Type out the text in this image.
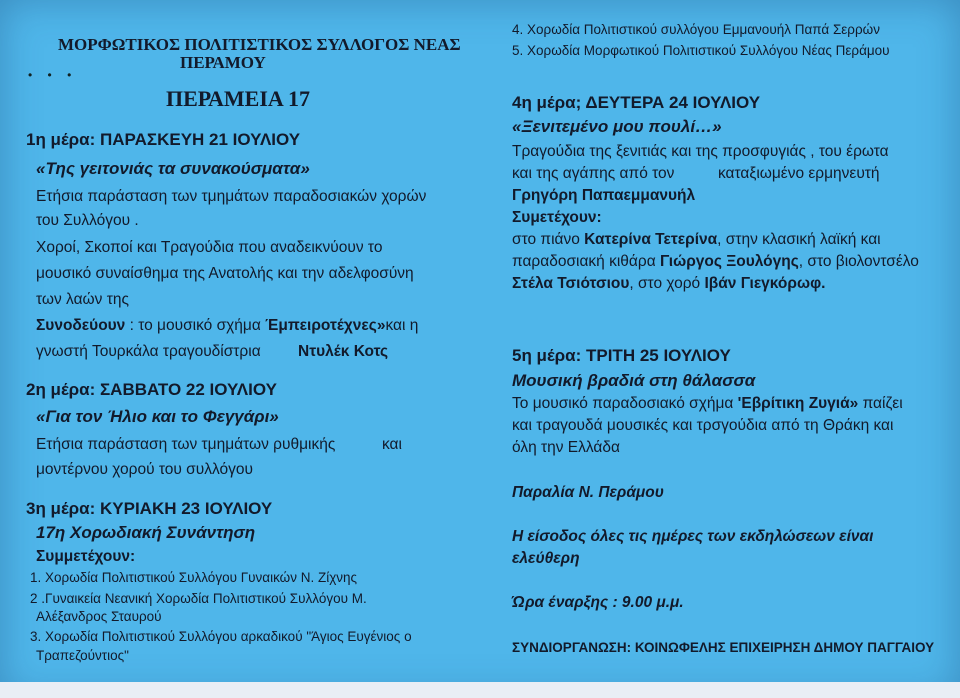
• • •
ΜΟΡΦΩΤΙΚΟΣ ΠΟΛΙΤΙΣΤΙΚΟΣ ΣΥΛΛΟΓΟΣ ΝΕΑΣ
ΠΕΡΑΜΟΥ
ΠΕΡΑΜΕΙΑ 17
1η μέρα: ΠΑΡΑΣΚΕΥΗ 21 ΙΟΥΛΙΟΥ
«Της γειτονιάς τα συνακούσματα»
Ετήσια παράσταση των τμημάτων παραδοσιακών χορών
του Συλλόγου .
Χοροί, Σκοποί και Τραγούδια που αναδεικνύουν το
μουσικό συναίσθημα της Ανατολής και την αδελφοσύνη
των λαών της
Συνοδεύουν : το μουσικό σχήμα Έμπειροτέχνες»και η
γνωστή Τουρκάλα τραγουδίστρια Ντυλέκ Κοτς
2η μέρα: ΣΑΒΒΑΤΟ 22 ΙΟΥΛΙΟΥ
«Για τον Ήλιο και το Φεγγάρι»
Ετήσια παράσταση των τμημάτων ρυθμικής	και
μοντέρνου χορού του συλλόγου
3η μέρα: ΚΥΡΙΑΚΗ 23 ΙΟΥΛΙΟΥ
17η Χορωδιακή Συνάντηση
Συμμετέχουν:
1. Χορωδία Πολιτιστικού Συλλόγου Γυναικών Ν. Ζίχνης
2 .Γυναικεία Νεανική Χορωδία Πολιτιστικού Συλλόγου Μ.
Αλέξανδρος Σταυρού
3. Χορωδία Πολιτιστικού Συλλόγου αρκαδικού "Άγιος Ευγένιος ο
Τραπεζούντιος"
4. Χορωδία Πολιτιστικού συλλόγου Εμμανουήλ Παπά Σερρών
5. Χορωδία Μορφωτικού Πολιτιστικού Συλλόγου Νέας Περάμου
4η μέρα; ΔΕΥΤΕΡΑ 24 ΙΟΥΛΙΟΥ
«Ξενιτεμένο μου πουλί…»
Τραγούδια της ξενιτιάς και της προσφυγιάς , του έρωτα
και της αγάπης από τον	καταξιωμένο ερμηνευτή
Γρηγόρη Παπαεμμανυήλ
Συμετέχουν:
στο πιάνο Κατερίνα Τετερίνα, στην κλασική λαϊκή και
παραδοσιακή κιθάρα Γιώργος Ξουλόγης, στο βιολοντσέλο
Στέλα Τσιότσιου, στο χορό Ιβάν Γιεγκόρωφ.
5η μέρα: ΤΡΙΤΗ 25 ΙΟΥΛΙΟΥ
Μουσική βραδιά στη θάλασσα
Το μουσικό παραδοσιακό σχήμα 'Εβρίτικη Ζυγιά» παίζει
και τραγουδά μουσικές και τρσγούδια από τη Θράκη και
όλη την Ελλάδα
Παραλία Ν. Περάμου
Η είσοδος όλες τις ημέρες των εκδηλώσεων είναι
ελεύθερη
Ώρα έναρξης : 9.00 μ.μ.
ΣΥΝΔΙΟΡΓΑΝΩΣΗ: ΚΟΙΝΩΦΕΛΗΣ ΕΠΙΧΕΙΡΗΣΗ ΔΗΜΟΥ ΠΑΓΓΑΙΟΥ
